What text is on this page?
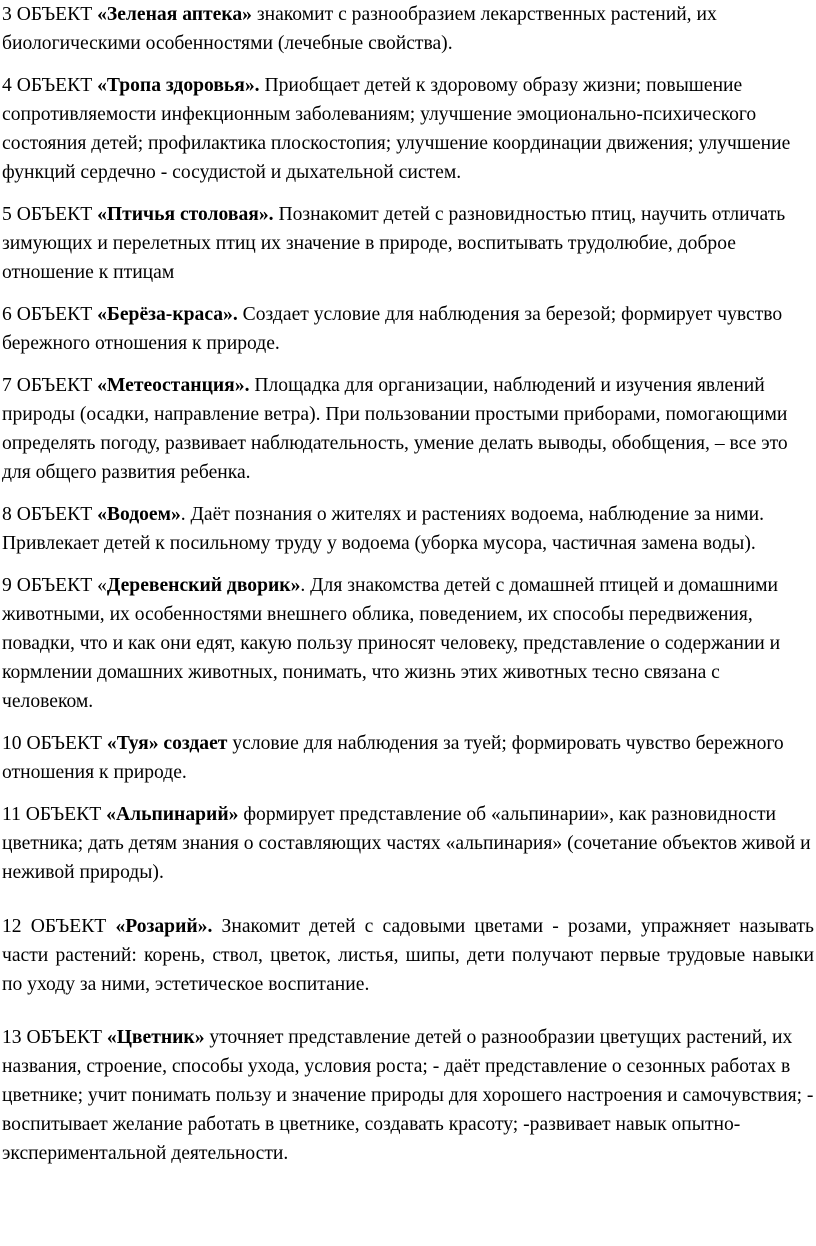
3 ОБЪЕКТ «Зеленая аптека» знакомит с разнообразием лекарственных растений, их биологическими особенностями (лечебные свойства).

4 ОБЪЕКТ «Тропа здоровья». Приобщает детей к здоровому образу жизни; повышение сопротивляемости инфекционным заболеваниям; улучшение эмоционально-психического состояния детей; профилактика плоскостопия; улучшение координации движения; улучшение функций сердечно - сосудистой и дыхательной систем.

5 ОБЪЕКТ «Птичья столовая». Познакомит детей с разновидностью птиц, научить отличать зимующих и перелетных птиц их значение в природе, воспитывать трудолюбие, доброе отношение к птицам

6 ОБЪЕКТ «Берёза-краса». Создает условие для наблюдения за березой; формирует чувство бережного отношения к природе.

7 ОБЪЕКТ «Метеостанция». Площадка для организации, наблюдений и изучения явлений природы (осадки, направление ветра). При пользовании простыми приборами, помогающими определять погоду, развивает наблюдательность, умение делать выводы, обобщения, – все это для общего развития ребенка.

8 ОБЪЕКТ «Водоем». Даёт познания о жителях и растениях водоема, наблюдение за ними. Привлекает детей к посильному труду у водоема (уборка мусора, частичная замена воды).

9 ОБЪЕКТ «Деревенский дворик». Для знакомства детей с домашней птицей и домашними животными, их особенностями внешнего облика, поведением, их способы передвижения, повадки, что и как они едят, какую пользу приносят человеку, представление о содержании и кормлении домашних животных, понимать, что жизнь этих животных тесно связана с человеком.

10 ОБЪЕКТ «Туя» создает условие для наблюдения за туей; формировать чувство бережного отношения к природе.

11 ОБЪЕКТ «Альпинарий» формирует представление об «альпинарии», как разновидности цветника; дать детям знания о составляющих частях «альпинария» (сочетание объектов живой и неживой природы).

12 ОБЪЕКТ «Розарий». Знакомит детей с садовыми цветами - розами, упражняет называть части растений: корень, ствол, цветок, листья, шипы, дети получают первые трудовые навыки по уходу за ними, эстетическое воспитание.

13 ОБЪЕКТ «Цветник» уточняет представление детей о разнообразии цветущих растений, их названия, строение, способы ухода, условия роста; - даёт представление о сезонных работах в цветнике; учит понимать пользу и значение природы для хорошего настроения и самочувствия; - воспитывает желание работать в цветнике, создавать красоту; -развивает навык опытно-экспериментальной деятельности.
